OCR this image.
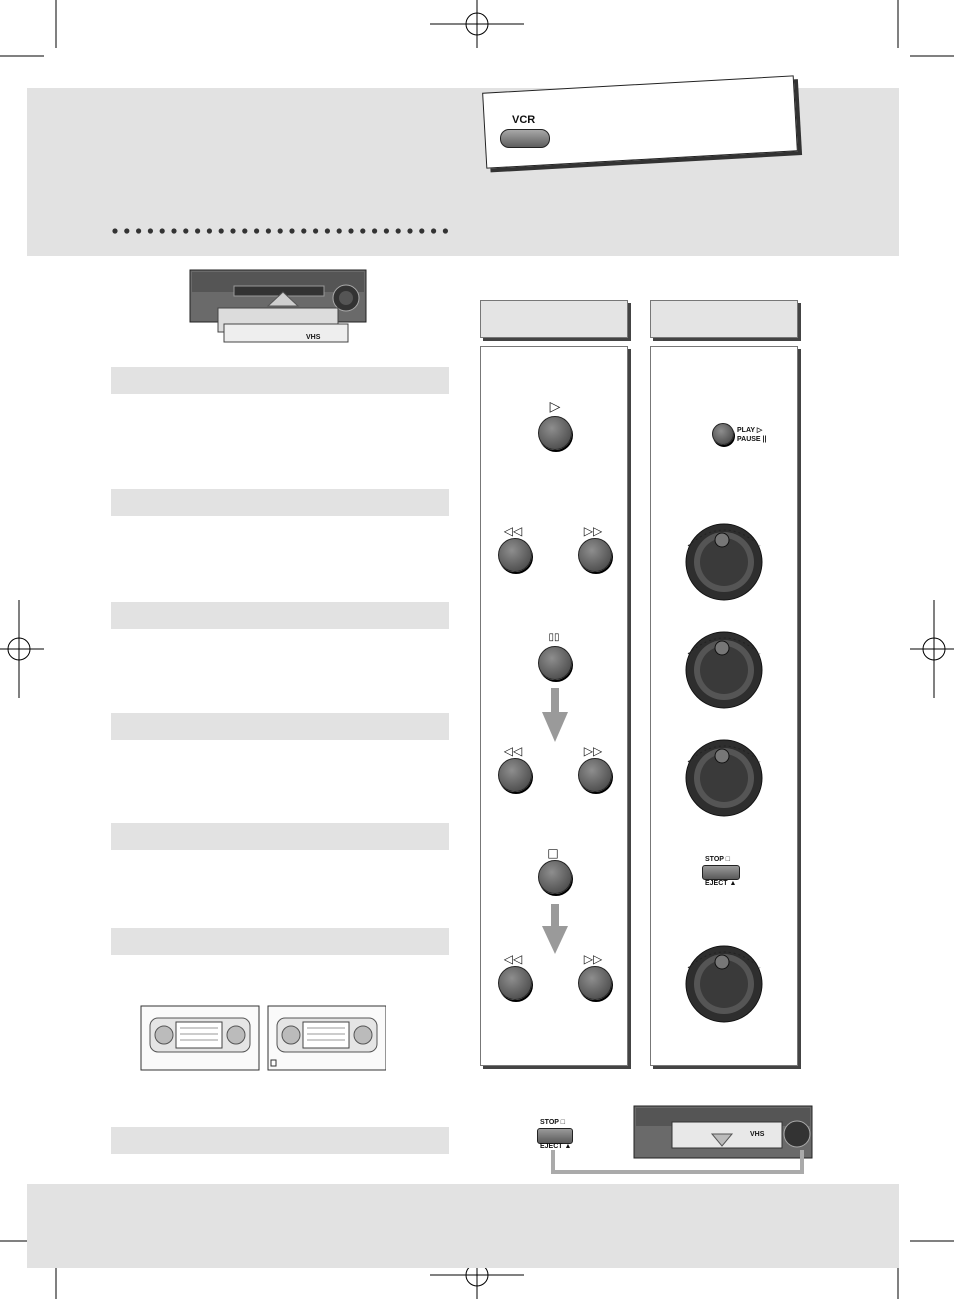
VCR
VHS
▷
◁◁	▷▷
▯▯
◁◁	▷▷
□
◁◁	▷▷
PLAY ▷
PAUSE ||
STOP □
EJECT ▲
STOP □
EJECT ▲
VHS
